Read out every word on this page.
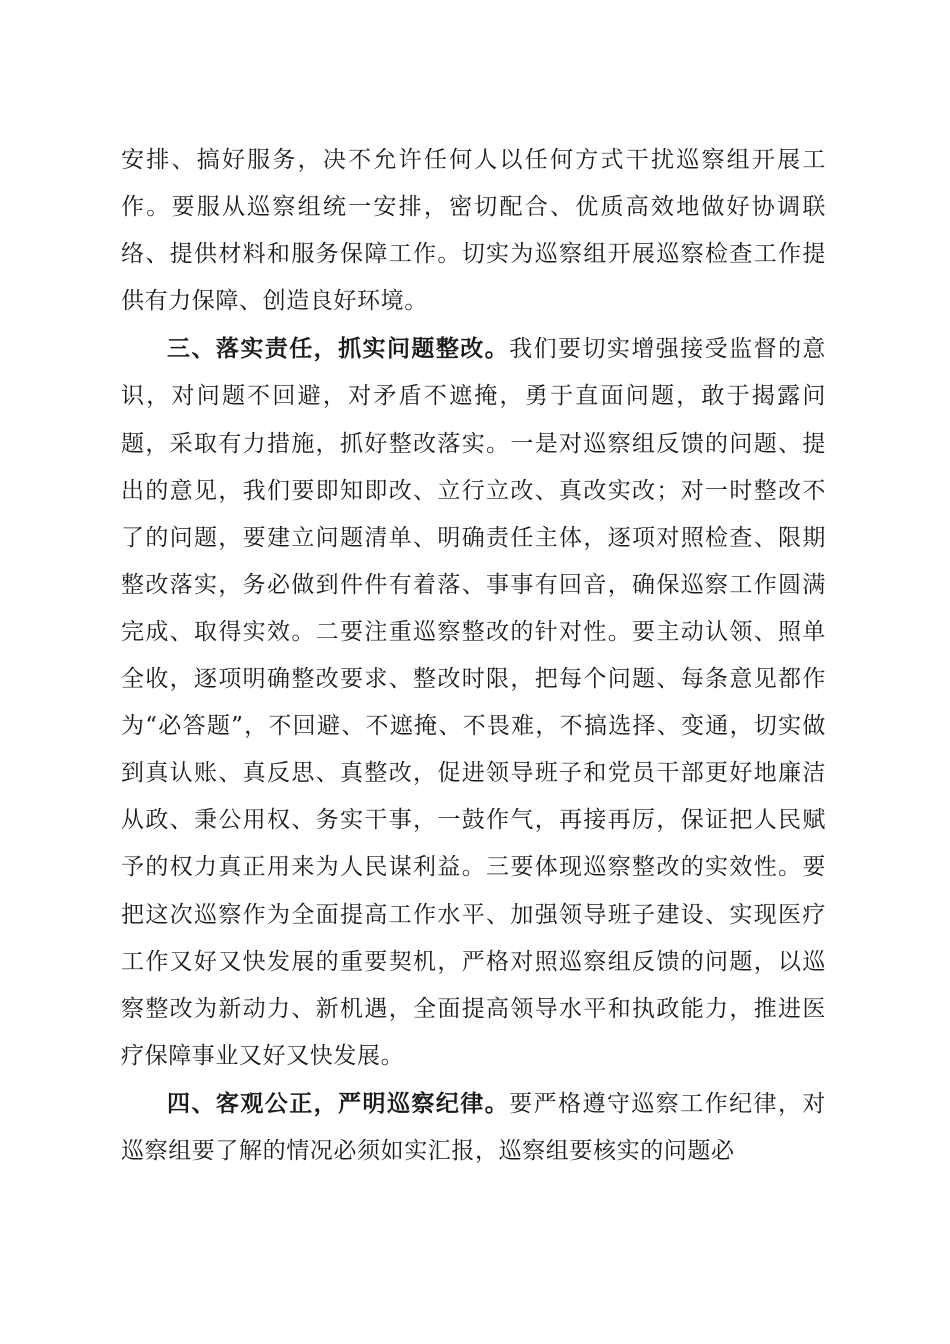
安排、搞好服务，决不允许任何人以任何方式干扰巡察组开展工作。要服从巡察组统一安排，密切配合、优质高效地做好协调联络、提供材料和服务保障工作。切实为巡察组开展巡察检查工作提供有力保障、创造良好环境。

三、落实责任，抓实问题整改。我们要切实增强接受监督的意识，对问题不回避，对矛盾不遮掩，勇于直面问题，敢于揭露问题，采取有力措施，抓好整改落实。一是对巡察组反馈的问题、提出的意见，我们要即知即改、立行立改、真改实改；对一时整改不了的问题，要建立问题清单、明确责任主体，逐项对照检查、限期整改落实，务必做到件件有着落、事事有回音，确保巡察工作圆满完成、取得实效。二要注重巡察整改的针对性。要主动认领、照单全收，逐项明确整改要求、整改时限，把每个问题、每条意见都作为“必答题”，不回避、不遮掩、不畏难，不搞选择、变通，切实做到真认账、真反思、真整改，促进领导班子和党员干部更好地廉洁从政、秉公用权、务实干事，一鼓作气，再接再厉，保证把人民赋予的权力真正用来为人民谋利益。三要体现巡察整改的实效性。要把这次巡察作为全面提高工作水平、加强领导班子建设、实现医疗工作又好又快发展的重要契机，严格对照巡察组反馈的问题，以巡察整改为新动力、新机遇，全面提高领导水平和执政能力，推进医疗保障事业又好又快发展。

四、客观公正，严明巡察纪律。要严格遵守巡察工作纪律，对巡察组要了解的情况必须如实汇报，巡察组要核实的问题必
